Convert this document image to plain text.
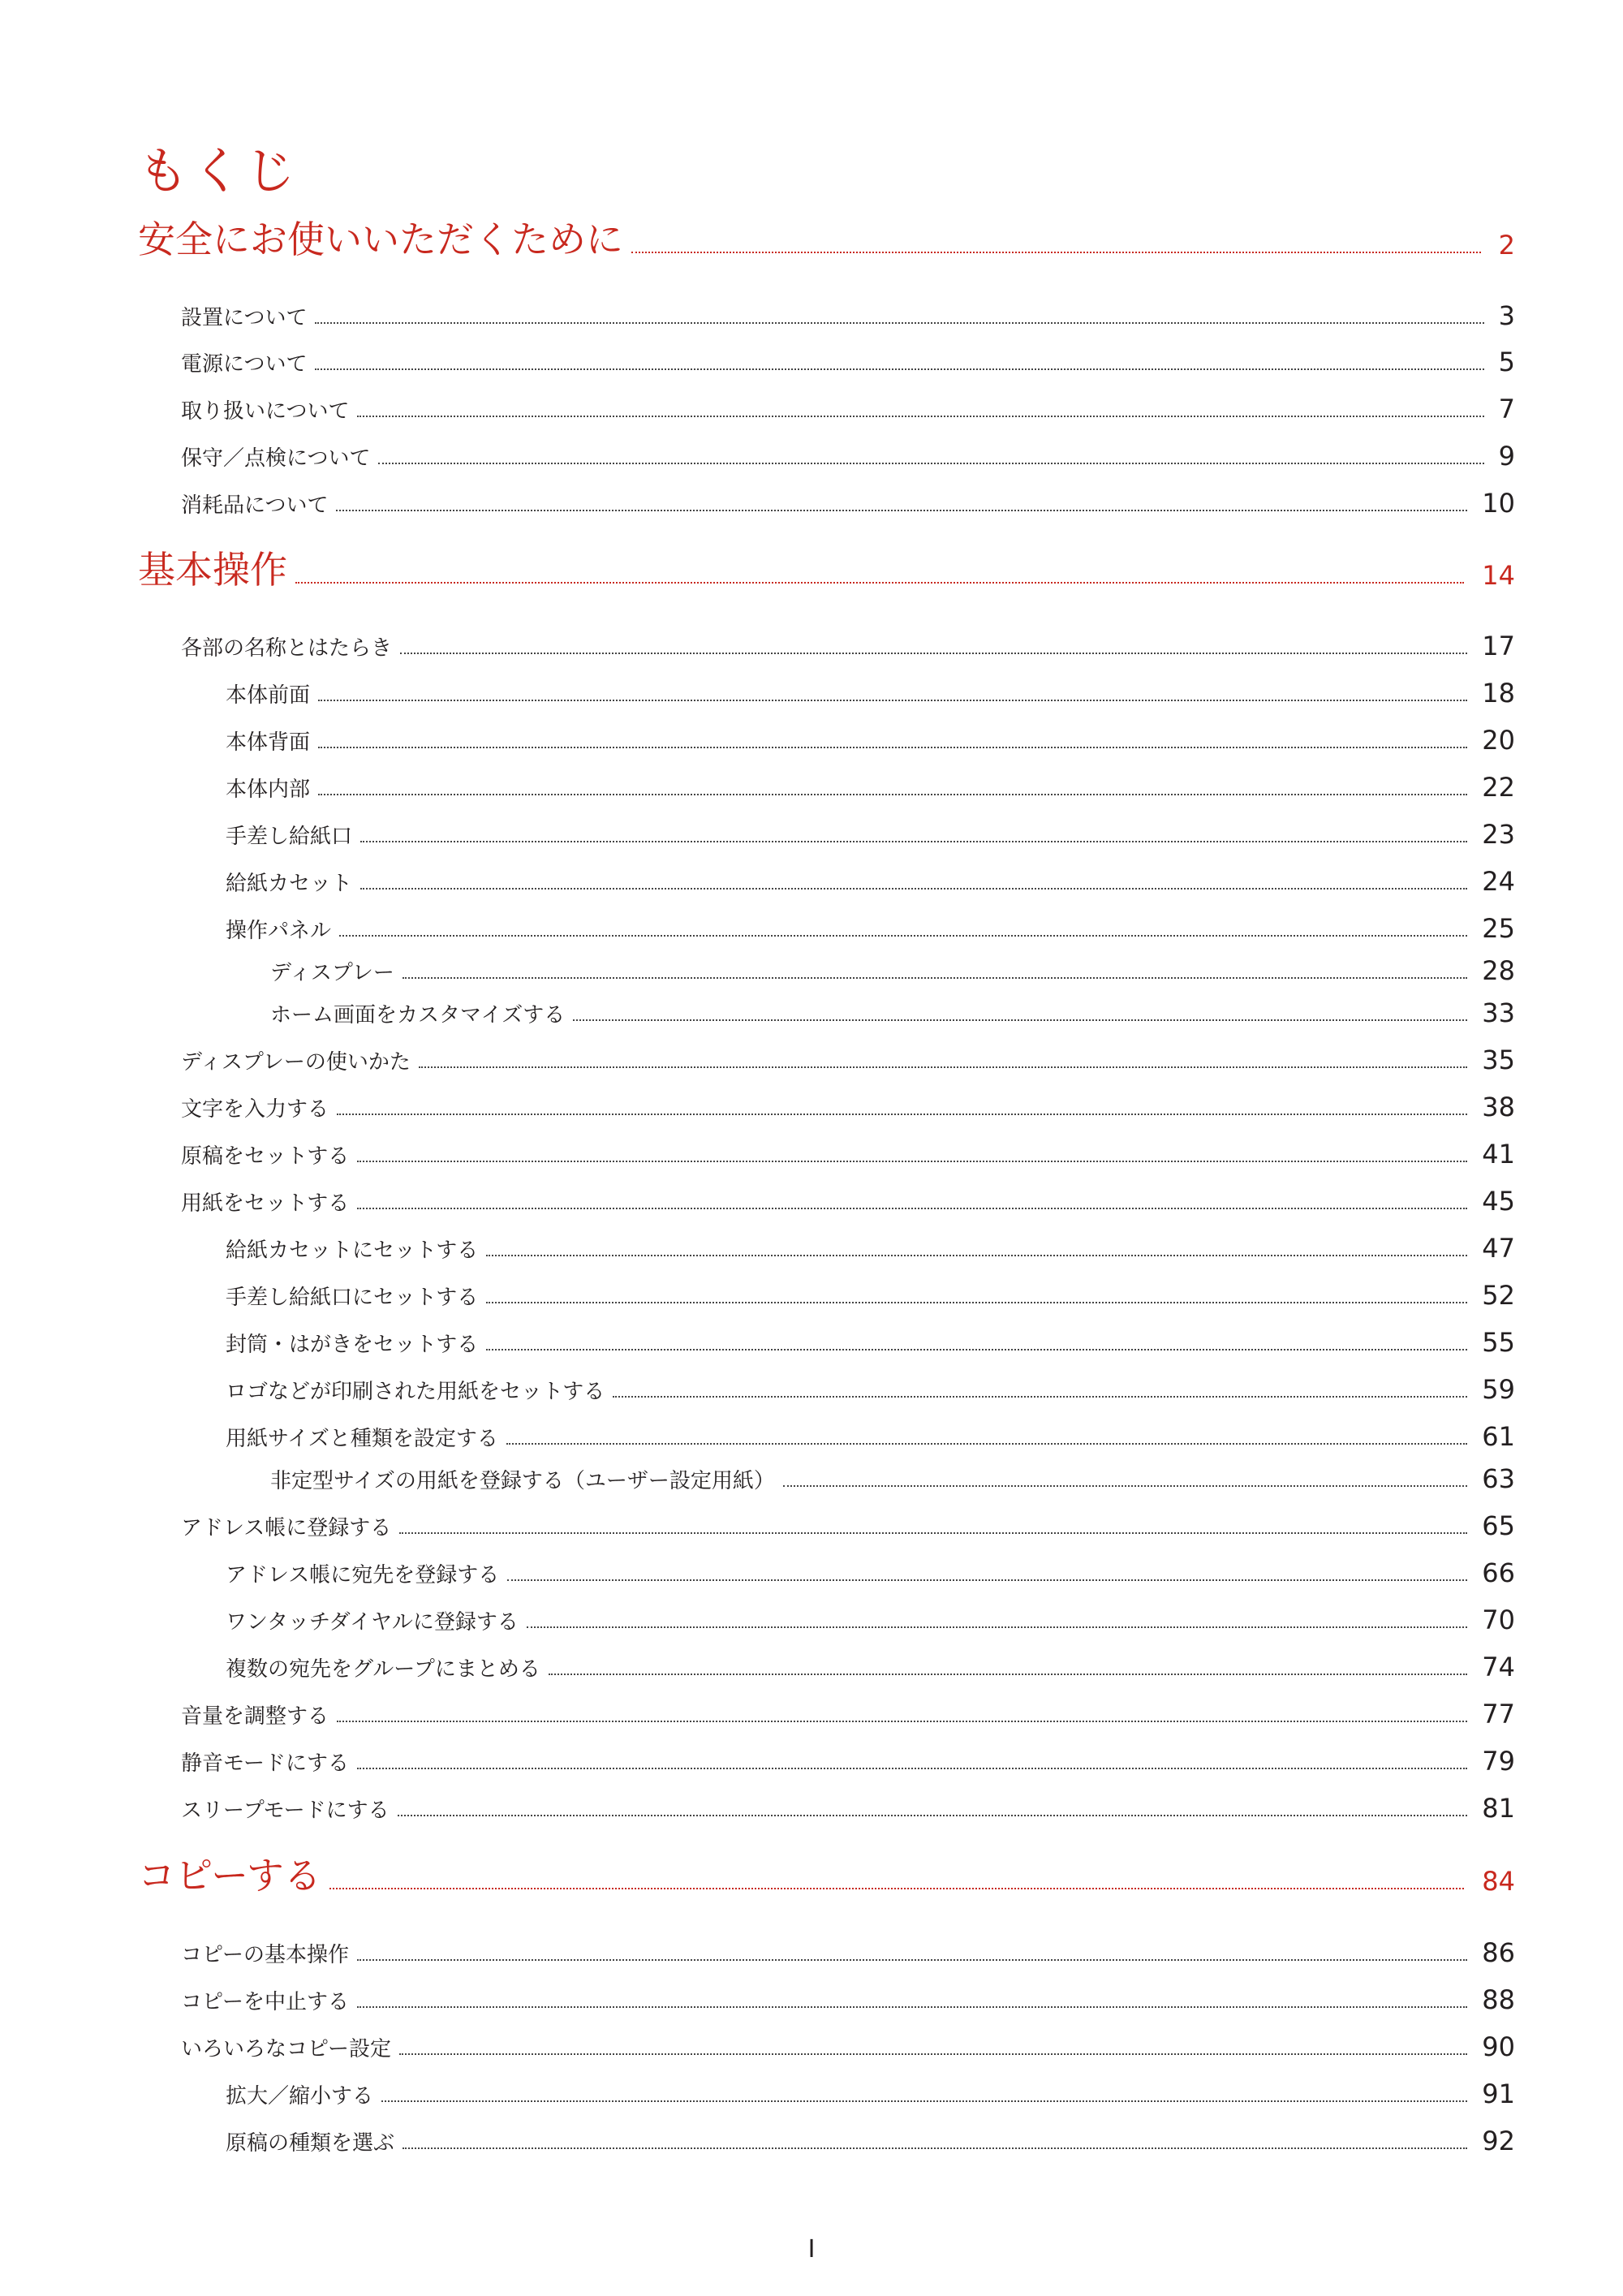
もくじ
安全にお使いいただくために	2
設置について	3
電源について	5
取り扱いについて	7
保守／点検について	9
消耗品について	10
基本操作	14
各部の名称とはたらき	17
本体前面	18
本体背面	20
本体内部	22
手差し給紙口	23
給紙カセット	24
操作パネル	25
ディスプレー	28
ホーム画面をカスタマイズする	33
ディスプレーの使いかた	35
文字を入力する	38
原稿をセットする	41
用紙をセットする	45
給紙カセットにセットする	47
手差し給紙口にセットする	52
封筒・はがきをセットする	55
ロゴなどが印刷された用紙をセットする	59
用紙サイズと種類を設定する	61
非定型サイズの用紙を登録する（ユーザー設定用紙）	63
アドレス帳に登録する	65
アドレス帳に宛先を登録する	66
ワンタッチダイヤルに登録する	70
複数の宛先をグループにまとめる	74
音量を調整する	77
静音モードにする	79
スリープモードにする	81
コピーする	84
コピーの基本操作	86
コピーを中止する	88
いろいろなコピー設定	90
拡大／縮小する	91
原稿の種類を選ぶ	92
I
